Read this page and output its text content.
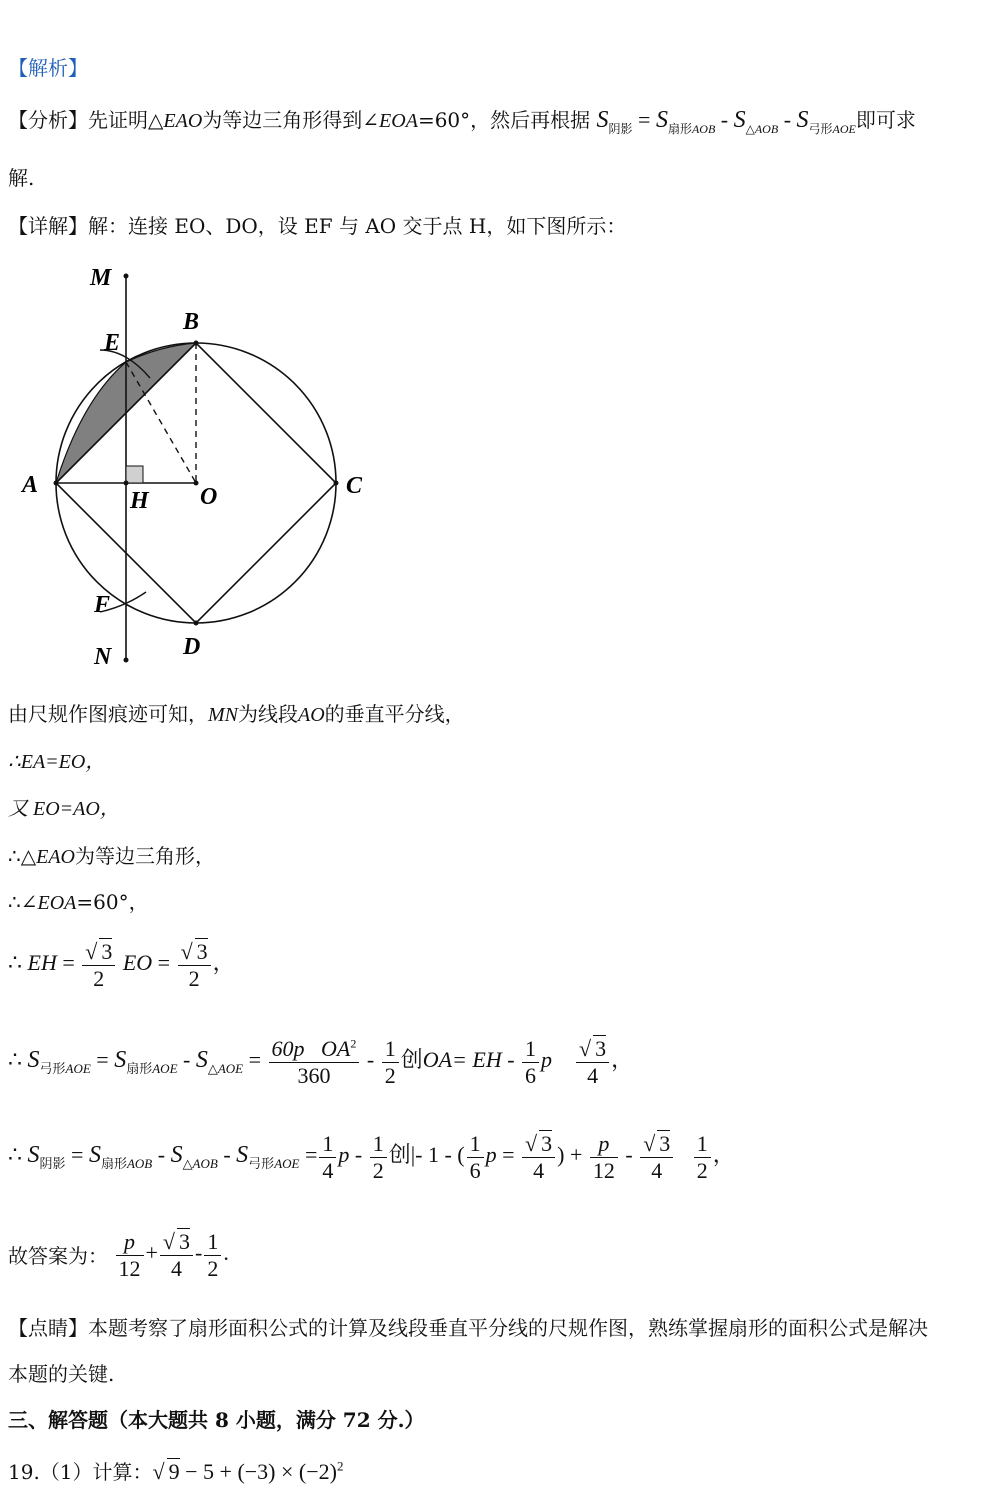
【解析】
【分析】先证明△EAO为等边三角形得到∠EOA=60°，然后再根据 $S_{阴影} = S_{扇形AOB} - S_{\triangle AOB} - S_{弓形AOE}$即可求
解.
【详解】解：连接 EO、DO，设 EF 与 AO 交于点 H，如下图所示：
M
B
E
A
H O	C
F
D
N
由尺规作图痕迹可知，MN为线段AO的垂直平分线，
∴EA=EO，
又 EO=AO，
∴△EAO为等边三角形，
∴∠EOA=60°，
∴ EH = $\frac{√ 3}{2}$ EO = $\frac{√ 3}{2}$ ，
∴ $S_{弓形AOE} = S_{扇形AOE} - S_{\triangle AOE} = \frac{60p OA^2}{360} - \frac{1}{2}$ 创OA= EH - $\frac{1}{6}$ p $\frac{√ 3}{4}$ ，
∴ $S_{阴影} = S_{扇形AOB} - S_{\triangle AOB} - S_{弓形AOE} = \frac{1}{4}$ p - $\frac{1}{2}$ 创|- 1 - ( $\frac{1}{6}$ $p = \frac{√ 3}{4}$ ) + $\frac{p}{12} - \frac{√ 3}{4}$
$\frac{1}{2}$ ，
故答案为： $\frac{p}{12} + \frac{√ 3}{4} - \frac{1}{2}$ .
【点睛】本题考察了扇形面积公式的计算及线段垂直平分线的尺规作图，熟练掌握扇形的面积公式是解决
本题的关键.
三、解答题（本大题共 8 小题，满分 72 分.）
19.（1）计算：√ $9 - 5 + (-3) \times (-2)^2$
